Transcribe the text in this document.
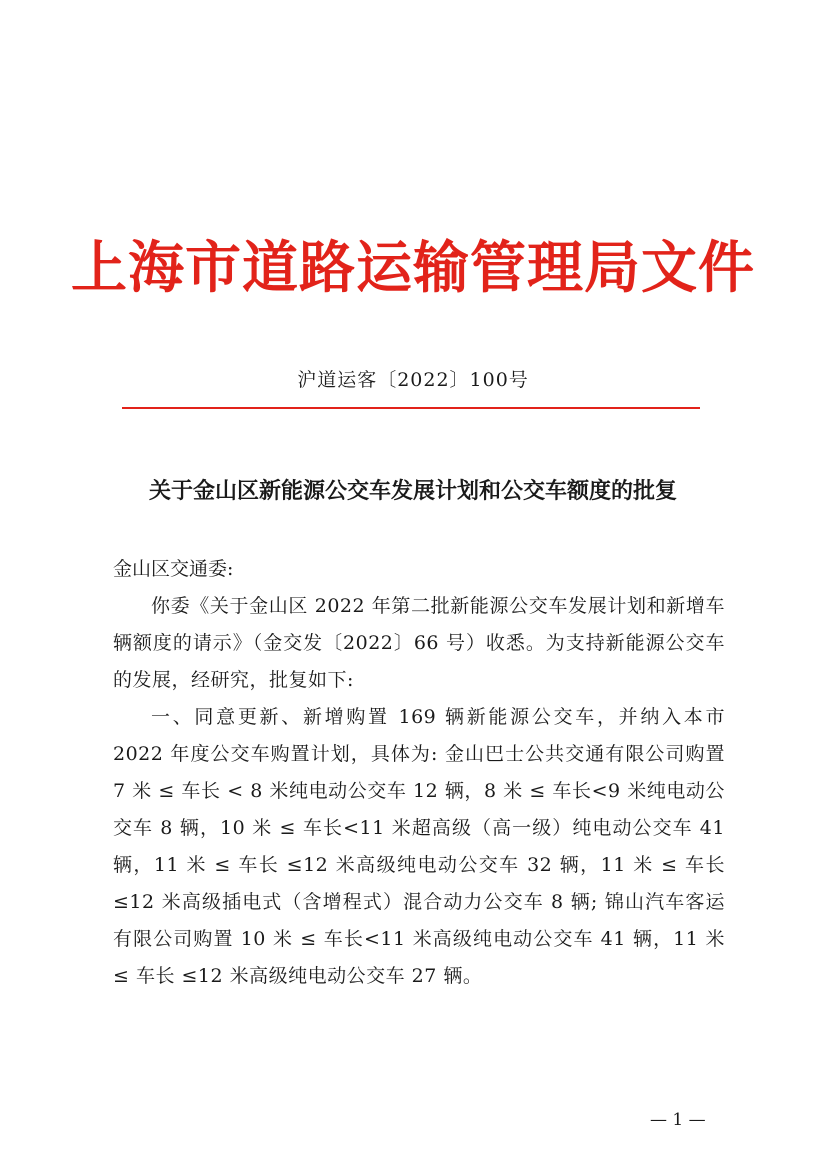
上海市道路运输管理局文件
沪道运客〔2022〕100号
关于金山区新能源公交车发展计划和公交车额度的批复

金山区交通委:

你委《关于金山区 2022 年第二批新能源公交车发展计划和新增车辆额度的请示》（金交发〔2022〕66 号）收悉。为支持新能源公交车的发展，经研究，批复如下:

一、同意更新、新增购置 169 辆新能源公交车，并纳入本市 2022 年度公交车购置计划，具体为: 金山巴士公共交通有限公司购置 7 米 ≤ 车长 < 8 米纯电动公交车 12 辆，8 米 ≤ 车长<9 米纯电动公交车 8 辆，10 米 ≤ 车长<11 米超高级（高一级）纯电动公交车 41 辆，11 米 ≤ 车长 ≤12 米高级纯电动公交车 32 辆，11 米 ≤ 车长 ≤12 米高级插电式（含增程式）混合动力公交车 8 辆; 锦山汽车客运有限公司购置 10 米 ≤ 车长<11 米高级纯电动公交车 41 辆，11 米 ≤ 车长 ≤12 米高级纯电动公交车 27 辆。

— 1 —
